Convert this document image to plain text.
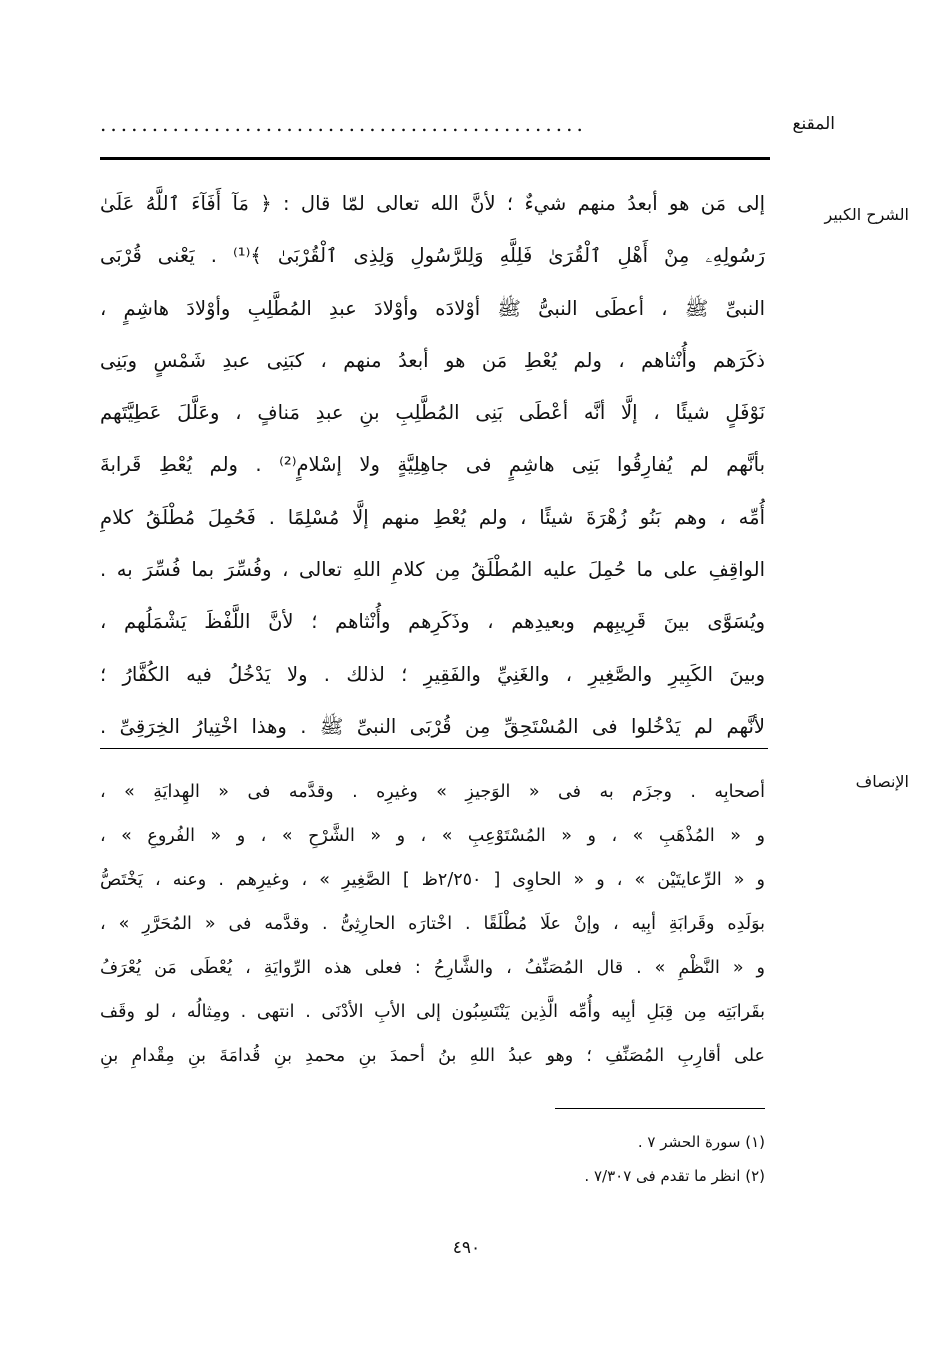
المقنع
...............................................
الشرح الكبير
إلى مَن هو أبعدُ منهم شيءٌ ؛ لأنَّ الله تعالى لمّا قال : ﴿ مَآ أَفَآءَ ٱللَّهُ عَلَىٰ
رَسُولِهِۦ مِنْ أَهْلِ ٱلْقُرَىٰ فَلِلَّهِ وَلِلرَّسُولِ وَلِذِى ٱلْقُرْبَىٰ ﴾⁽¹⁾ . يَعْنى قُرْبَى
النبىِّ ﷺ ، أعطَى النبىُّ ﷺ أوْلادَه وأوْلادَ عبدِ المُطَّلِبِ وأوْلادَ هاشِمٍ ،
ذكَرَهم وأُنْثاهم ، ولم يُعْطِ مَن هو أبعدُ منهم ، كبَنِى عبدِ شَمْسٍ وبَنِى
نَوْفَلٍ شيئًا ، إلَّا أنَّه أعْطَى بَنِى المُطَّلِبِ بنِ عبدِ مَنافٍ ، وعَلَّلَ عَطِيَّتَهم
بأنَّهم لم يُفارِقُوا بَنِى هاشِمٍ فى جاهِلِيَّةٍ ولا إسْلامٍ⁽²⁾ . ولم يُعْطِ قَرابةَ
أُمِّه ، وهم بَنُو زُهْرَةَ شيئًا ، ولم يُعْطِ منهم إلَّا مُسْلِمًا . فَحُمِلَ مُطْلَقُ كلامِ
الواقِفِ على ما حُمِلَ عليه المُطْلَقُ مِن كلامِ اللهِ تعالى ، وفُسِّرَ بما فُسِّرَ به .
ويُسَوَّى بينَ قَرِيبِهم وبعيدِهم ، وذَكَرِهم وأُنْثاهم ؛ لأنَّ اللَّفْظَ يَشْمَلُهم ،
وبينَ الكَبِيرِ والصَّغِيرِ ، والغَنِيِّ والفَقِيرِ ؛ لذلك . ولا يَدْخُلُ فيه الكُفَّارُ ؛
لأنَّهم لم يَدْخُلوا فى المُسْتَحِقِّ مِن قُرْبَى النبىِّ ﷺ . وهذا اخْتِيارُ الخِرَقِىِّ .
الإنصاف
أصحابِه . وجزَم به فى « الوَجيزِ » وغيرِه . وقدَّمه فى « الهِدايَةِ » ،
و « المُذْهَبِ » ، و « المُسْتَوْعِبِ » ، و « الشَّرْحِ » ، و « الفُروعِ » ،
و « الرِّعايتَيْن » ، و « الحاوِى [ ٢/٢٥٠ظ ] الصَّغِيرِ » ، وغيرِهم . وعنه ، يَخْتَصُّ
بوَلَدِه وقَرابَةِ أبِيه ، وإنْ علَا مُطْلَقًا . اخْتارَه الحارِثِىُّ . وقدَّمه فى « المُحَرَّرِ » ،
و « النَّظْمِ » . قال المُصَنِّفُ ، والشَّارِحُ : فعلى هذه الرِّوايَةِ ، يُعْطَى مَن يُعْرَفُ
بقَرابَتِه مِن قِبَلِ أبِيه وأُمِّه الَّذِين يَنْتَسِبُون إلى الأبِ الأدْنَى . انتهى . ومِثالُه ، لو وقَف
على أقارِبِ المُصَنِّفِ ؛ وهو عبدُ اللهِ بنُ أحمدَ بنِ محمدِ بنِ قُدامَةَ بنِ مِقْدامِ بنِ
(١) سورة الحشر ٧ .
(٢) انظر ما تقدم فى ٧/٣٠٧ .
٤٩٠
